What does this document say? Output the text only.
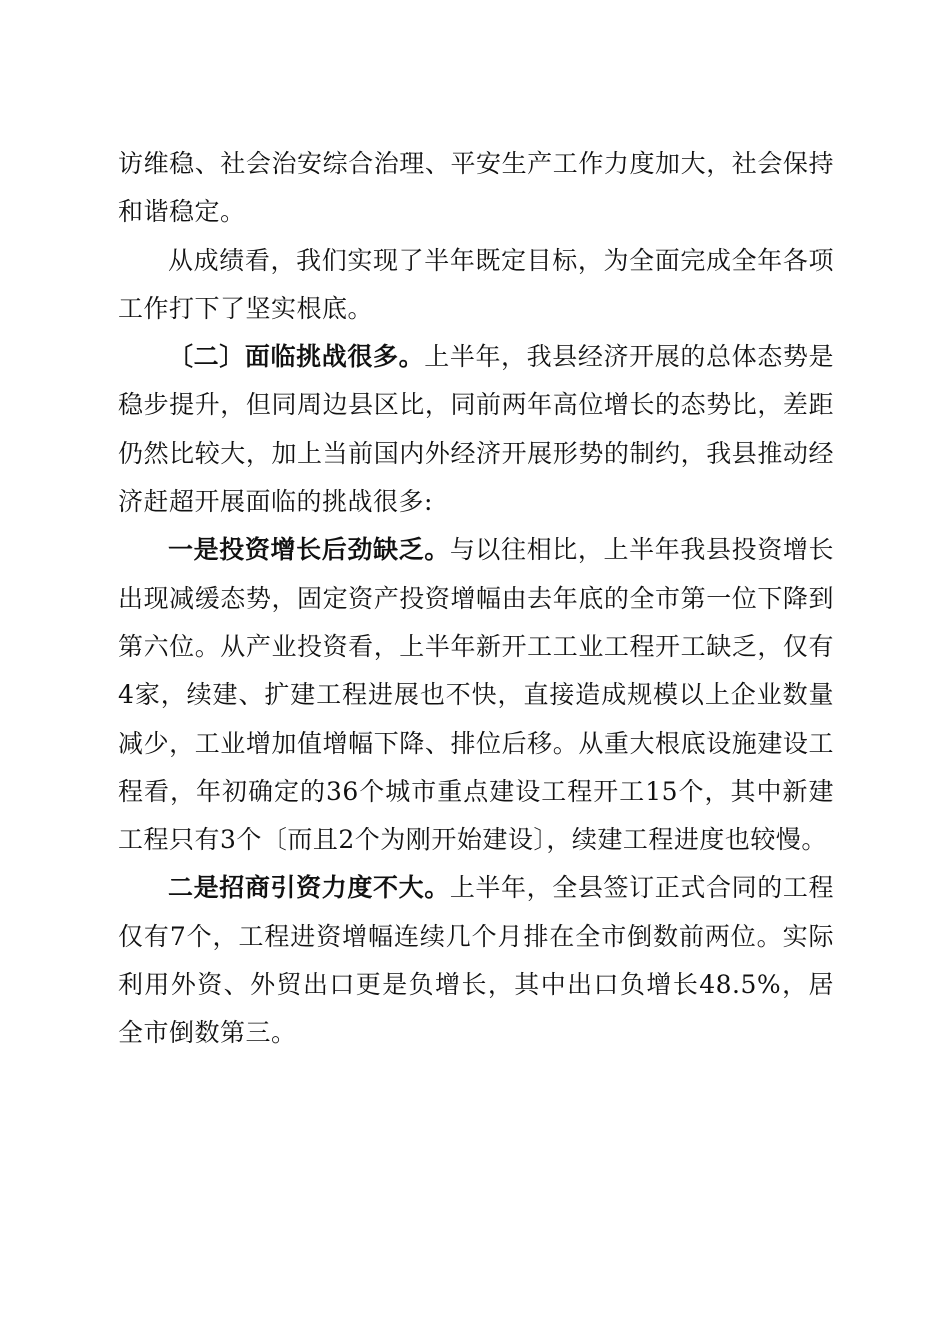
访维稳、社会治安综合治理、平安生产工作力度加大，社会保持和谐稳定。

从成绩看，我们实现了半年既定目标，为全面完成全年各项工作打下了坚实根底。

〔二〕面临挑战很多。上半年，我县经济开展的总体态势是稳步提升，但同周边县区比，同前两年高位增长的态势比，差距仍然比较大，加上当前国内外经济开展形势的制约，我县推动经济赶超开展面临的挑战很多:

一是投资增长后劲缺乏。与以往相比，上半年我县投资增长出现减缓态势，固定资产投资增幅由去年底的全市第一位下降到第六位。从产业投资看，上半年新开工工业工程开工缺乏，仅有4家，续建、扩建工程进展也不快，直接造成规模以上企业数量减少，工业增加值增幅下降、排位后移。从重大根底设施建设工程看，年初确定的36个城市重点建设工程开工15个，其中新建工程只有3个〔而且2个为刚开始建设〕，续建工程进度也较慢。

二是招商引资力度不大。上半年，全县签订正式合同的工程仅有7个，工程进资增幅连续几个月排在全市倒数前两位。实际利用外资、外贸出口更是负增长，其中出口负增长48.5%，居全市倒数第三。
